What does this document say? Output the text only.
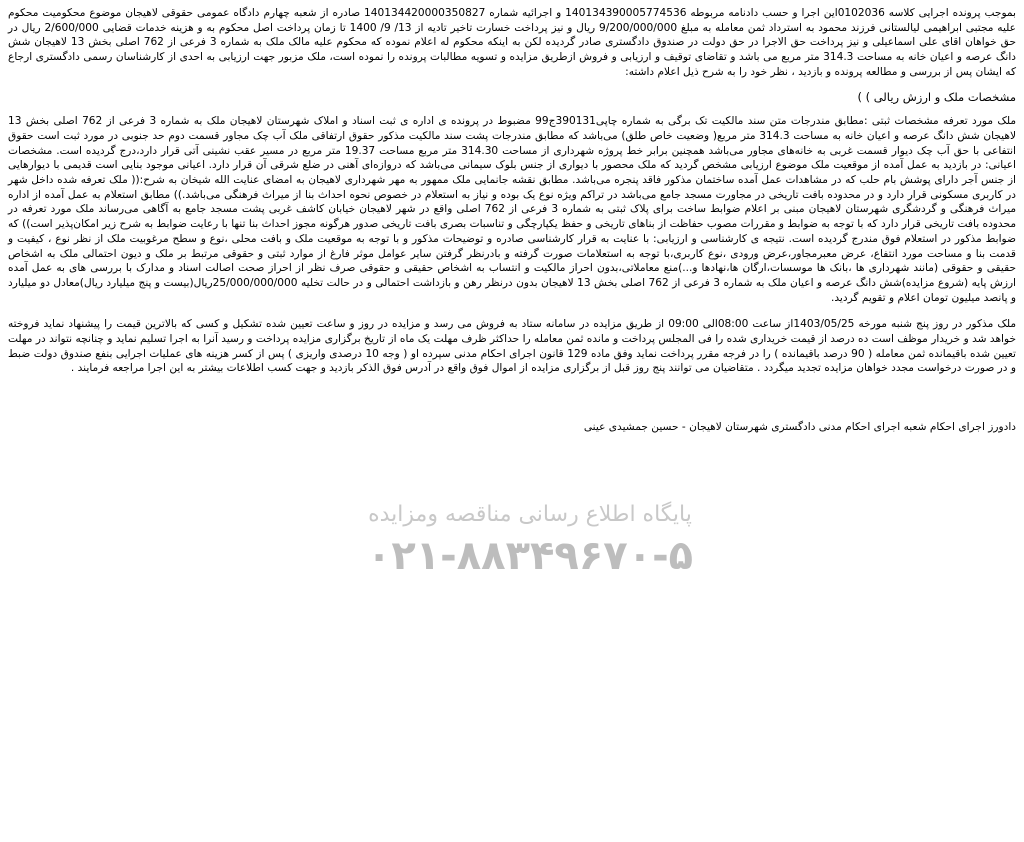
بموجب پرونده اجرایی کلاسه 0102036این اجرا و حسب دادنامه مربوطه 140134390005774536 و اجرائیه شماره 140134420000350827 صادره از شعبه چهارم دادگاه عمومی حقوقی لاهیجان موضوع محکومیت محکوم علیه مجتبی ابراهیمی لیالستانی فرزند محمود به استرداد ثمن معامله به مبلغ 9/200/000/000 ریال و نیز پرداخت خسارت تاخیر تادیه از 13/ 9/ 1400 تا زمان پرداخت اصل محکوم به و هزینه خدمات قضایی 2/600/000 ریال در حق خواهان اقای علی اسماعیلی و نیز پرداخت حق الاجرا در حق دولت در صندوق دادگستری صادر گردیده لکن به اینکه محکوم له اعلام نموده که محکوم علیه مالک ملک به شماره 3 فرعی از 762 اصلی بخش 13 لاهیجان شش دانگ عرصه و اعیان خانه به مساحت 314.3 متر مربع می باشد و تقاضای توقیف و ارزیابی و فروش ازطریق مزایده و تسویه مطالبات پرونده را نموده است، ملک مزبور جهت ارزیابی به احدی از کارشناسان رسمی دادگستری ارجاع که ایشان پس از بررسی و مطالعه پرونده و بازدید ، نظر خود را به شرح ذیل اعلام داشته:

مشخصات ملک و ارزش ریالی ) )

ملک مورد تعرفه مشخصات ثبتی :مطابق مندرجات متن سند مالکیت تک برگی به شماره چاپی390131ج99 مضبوط در پرونده ی اداره ی ثبت اسناد و املاک شهرستان لاهیجان ملک به شماره 3 فرعی از 762 اصلی بخش 13 لاهیجان شش دانگ عرصه و اعیان خانه به مساحت 314.3 متر مربع( وضعیت خاص طلق) می‌باشد که مطابق مندرجات پشت سند مالکیت مذکور حقوق ارتفاقی ملک آب چک مجاور قسمت دوم حد جنوبی در مورد ثبت است حقوق انتفاعی با حق آب چک دیوار قسمت غربی به خانه‌های مجاور می‌باشد همچنین برابر خط پروژه شهرداری از مساحت 314.30 متر مربع مساحت 19.37 متر مربع در مسیر عقب نشینی آتی قرار دارد،درج گردیده است. مشخصات اعیانی: در بازدید به عمل آمده از موقعیت ملک موضوع ارزیابی مشخص گردید که ملک محصور با دیواری از جنس بلوک سیمانی می‌باشد که دروازه‌ای آهنی در ضلع شرقی آن قرار دارد. اعیانی موجود بنایی است قدیمی با دیوارهایی از جنس آجر دارای پوشش بام حلب که در مشاهدات عمل آمده ساختمان مذکور فاقد پنجره می‌باشد. مطابق نقشه جانمایی ملک ممهور به مهر شهرداری لاهیجان به امضای عنایت الله شیخان به شرح:(( ملک تعرفه شده داخل شهر در کاربری مسکونی قرار دارد و در محدوده بافت تاریخی در مجاورت مسجد جامع می‌باشد در تراکم ویژه نوع یک بوده و نیاز به استعلام در خصوص نحوه احداث بنا از میراث فرهنگی می‌باشد.)) مطابق استعلام به عمل آمده از اداره میراث فرهنگی و گردشگری شهرستان لاهیجان مبنی بر اعلام ضوابط ساخت برای پلاک ثبتی به شماره 3 فرعی از 762 اصلی واقع در شهر لاهیجان خیابان کاشف غربی پشت مسجد جامع به آگاهی می‌رساند ملک مورد تعرفه در محدوده بافت تاریخی قرار دارد که با توجه به ضوابط و مقررات مصوب حفاظت از بناهای تاریخی و حفظ یکپارچگی و تناسبات بصری بافت تاریخی صدور هرگونه مجوز احداث بنا تنها با رعایت ضوابط به شرح زیر امکان‌پذیر است)) که ضوابط مذکور در استعلام فوق مندرج گردیده است. نتیجه ی کارشناسی و ارزیابی: با عنایت به قرار کارشناسی صادره و توضیحات مذکور و با توجه به موقعیت ملک و بافت محلی ،نوع و سطح مرغوبیت ملک از نظر نوع ، کیفیت و قدمت بنا و مساحت مورد انتفاع، عرض معبرمجاور،عرض ورودی ،نوع کاربری،با توجه به استعلامات صورت گرفته و بادرنظر گرفتن سایر عوامل موثر فارغ از موارد ثبتی و حقوقی مرتبط بر ملک و دیون احتمالی ملک به اشخاص حقیقی و حقوقی (مانند شهرداری ها ،بانک ها موسسات،ارگان ها،نهادها و...)منع معاملاتی،بدون احراز مالکیت و انتساب به اشخاص حقیقی و حقوقی صرف نظر از احراز صحت اصالت اسناد و مدارک با بررسی های به عمل آمده ارزش پایه (شروع مزایده)شش دانگ عرصه و اعیان ملک به شماره 3 فرعی از 762 اصلی بخش 13 لاهیجان بدون درنظر رهن و بازداشت احتمالی و در حالت تخلیه 25/000/000/000ریال(بیست و پنج میلیارد ریال)معادل دو میلیارد و پانصد میلیون تومان اعلام و تقویم گردید.

ملک مذکور در روز پنج شنبه مورخه 1403/05/25از ساعت 08:00الی 09:00 از طریق مزایده در سامانه ستاد به فروش می رسد و مزایده در روز و ساعت تعیین شده تشکیل و کسی که بالاترین قیمت را پیشنهاد نماید فروخته خواهد شد و خریدار موظف است ده درصد از قیمت خریداری شده را فی المجلس پرداخت و مانده ثمن معامله را حداکثر ظرف مهلت یک ماه از تاریخ برگزاری مزایده پرداخت و رسید آنرا به اجرا تسلیم نماید و چنانچه نتواند در مهلت تعیین شده باقیمانده ثمن معامله ( 90 درصد باقیمانده ) را در فرجه مقرر پرداخت نماید وفق ماده 129 قانون اجرای احکام مدنی سپرده او ( وجه 10 درصدی واریزی ) پس از کسر هزینه های عملیات اجرایی بنفع صندوق دولت ضبط و در صورت درخواست مجدد خواهان مزایده تجدید میگردد . متقاضیان می توانند پنج روز قبل از برگزاری مزایده از اموال فوق واقع در آدرس فوق الذکر بازدید و جهت کسب اطلاعات بیشتر به این اجرا مراجعه فرمایند .

دادورز اجرای احکام شعبه اجرای احکام مدنی دادگستری شهرستان لاهیجان - حسین جمشیدی عینی

پایگاه اطلاع رسانی مناقصه ومزایده
۰۲۱-۸۸۳۴۹۶۷۰-۵
